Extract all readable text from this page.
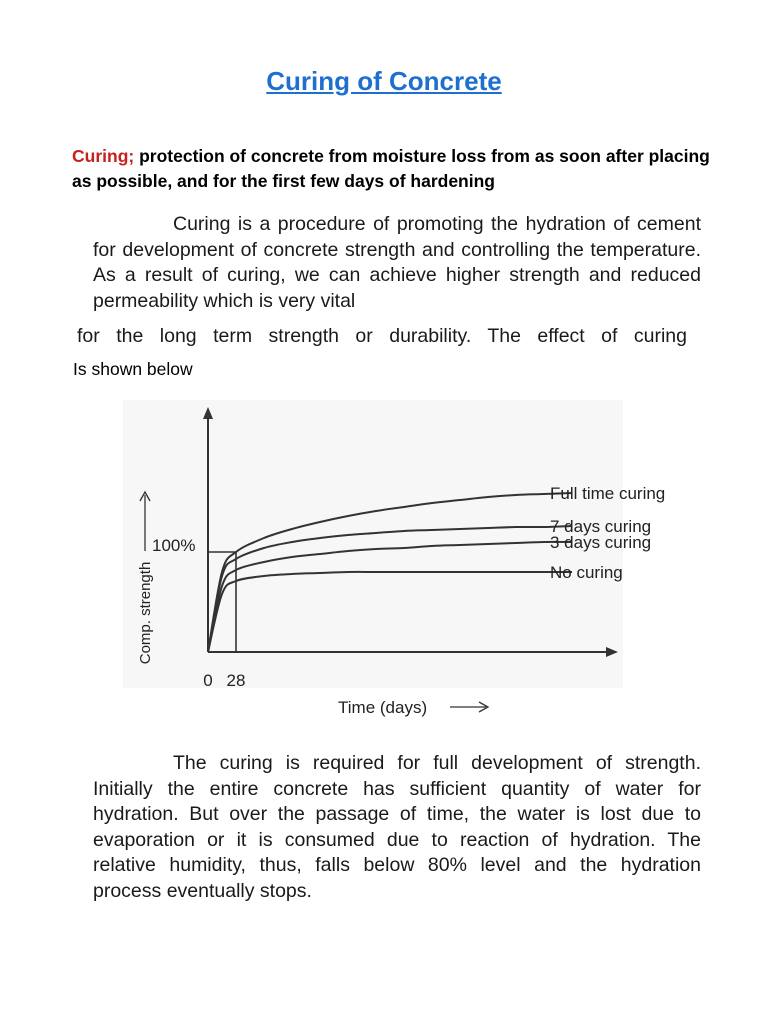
Curing of Concrete
Curing; protection of concrete from moisture loss from as soon after placing as possible, and for the first few days of hardening
Curing is a procedure of promoting the hydration of cement for development of concrete strength and controlling the temperature. As a result of curing, we can achieve higher strength and reduced permeability which is very vital
for the long term strength or durability. The effect of curing
Is shown below
Full time curing
7 days curing
3 days curing
No curing
0 28
100%
Comp. strength
Time (days)
The curing is required for full development of strength. Initially the entire concrete has sufficient quantity of water for hydration. But over the passage of time, the water is lost due to evaporation or it is consumed due to reaction of hydration. The relative humidity, thus, falls below 80% level and the hydration process eventually stops.
